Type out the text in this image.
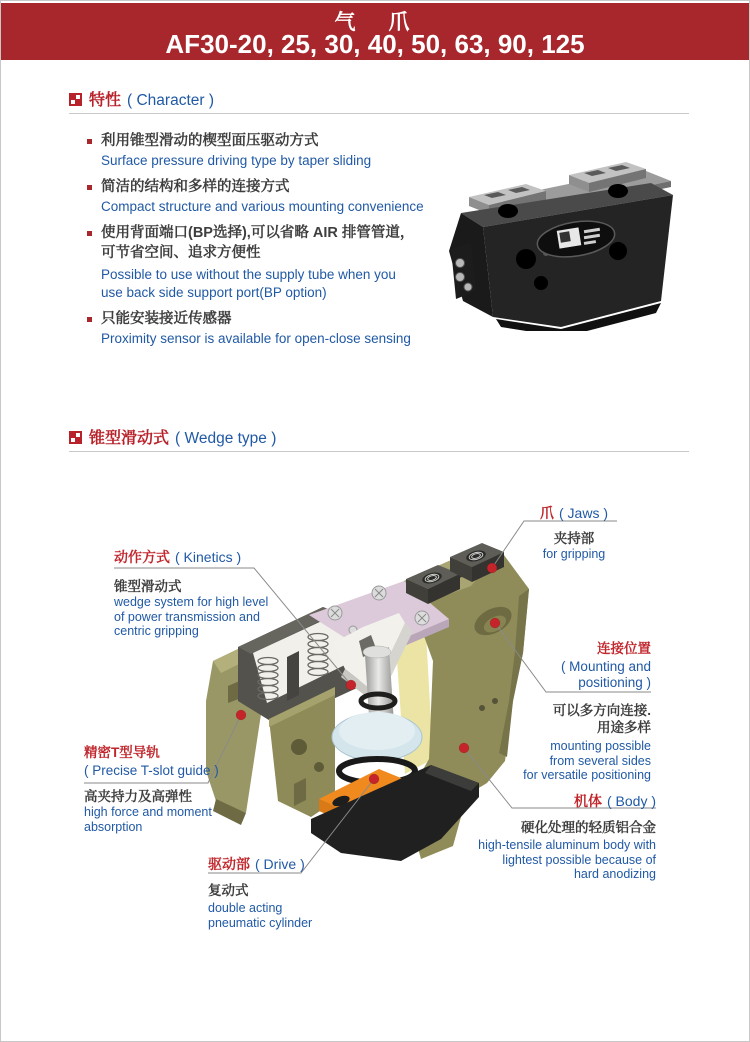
气　爪
AF30-20, 25, 30, 40, 50, 63, 90, 125
特性 ( Character )
利用锥型滑动的楔型面压驱动方式
Surface pressure driving type by taper sliding
简洁的结构和多样的连接方式
Compact structure and various mounting convenience
使用背面端口(BP选择),可以省略 AIR 排管管道，
可节省空间、追求方便性
Possible to use without the supply tube when you
use back side support port(BP option)
只能安装接近传感器
Proximity sensor is available for open-close sensing
锥型滑动式 ( Wedge type )
爪 ( Jaws )
夹持部
for gripping
动作方式 ( Kinetics )
锥型滑动式
wedge system for high level
of power transmission and
centric gripping
连接位置
( Mounting and positioning )
可以多方向连接.
用途多样
mounting possible
from several sides
for versatile positioning
精密T型导轨
( Precise T-slot guide )
高夹持力及高弹性
high force and moment
absorption
机体 ( Body )
硬化处理的轻质铝合金
high-tensile aluminum body with
lightest possible because of
hard anodizing
驱动部 ( Drive )
复动式
double acting
pneumatic cylinder
